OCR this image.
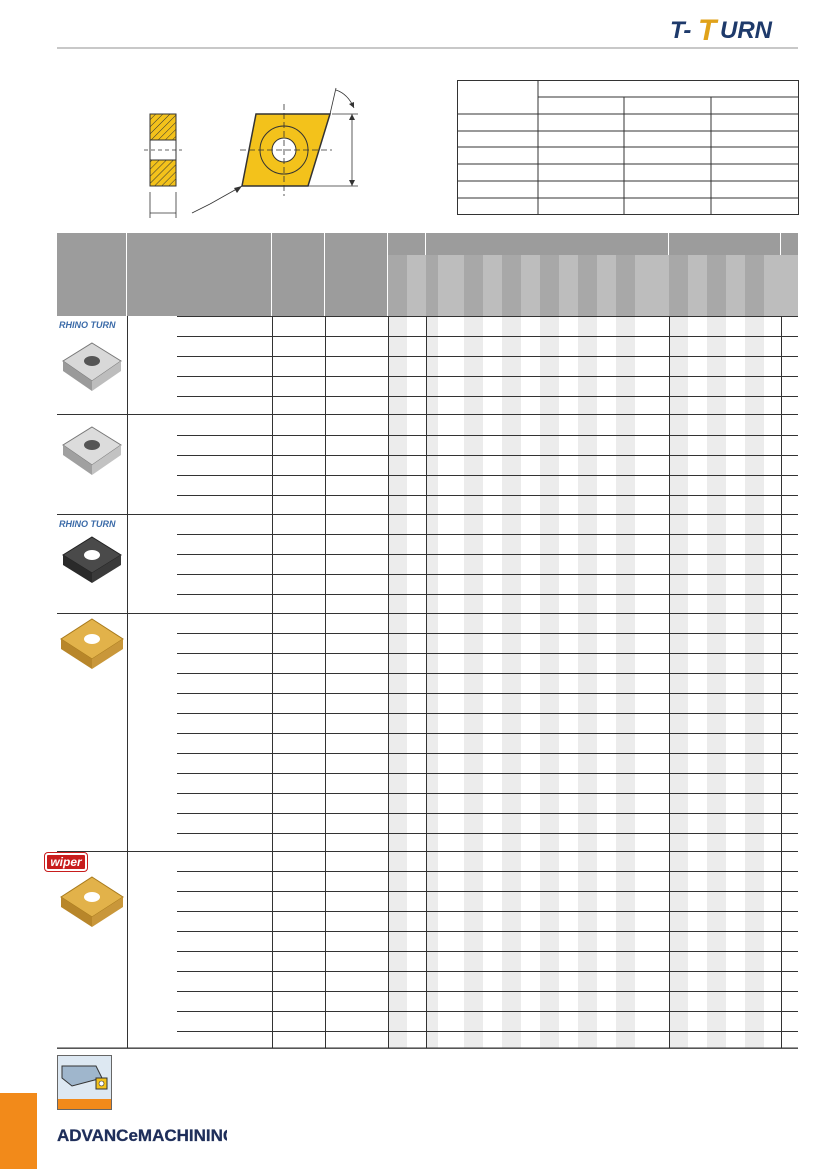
T- T URN
RHINO TURN
RHINO TURN
wiper
ADVANCeMACHINING
